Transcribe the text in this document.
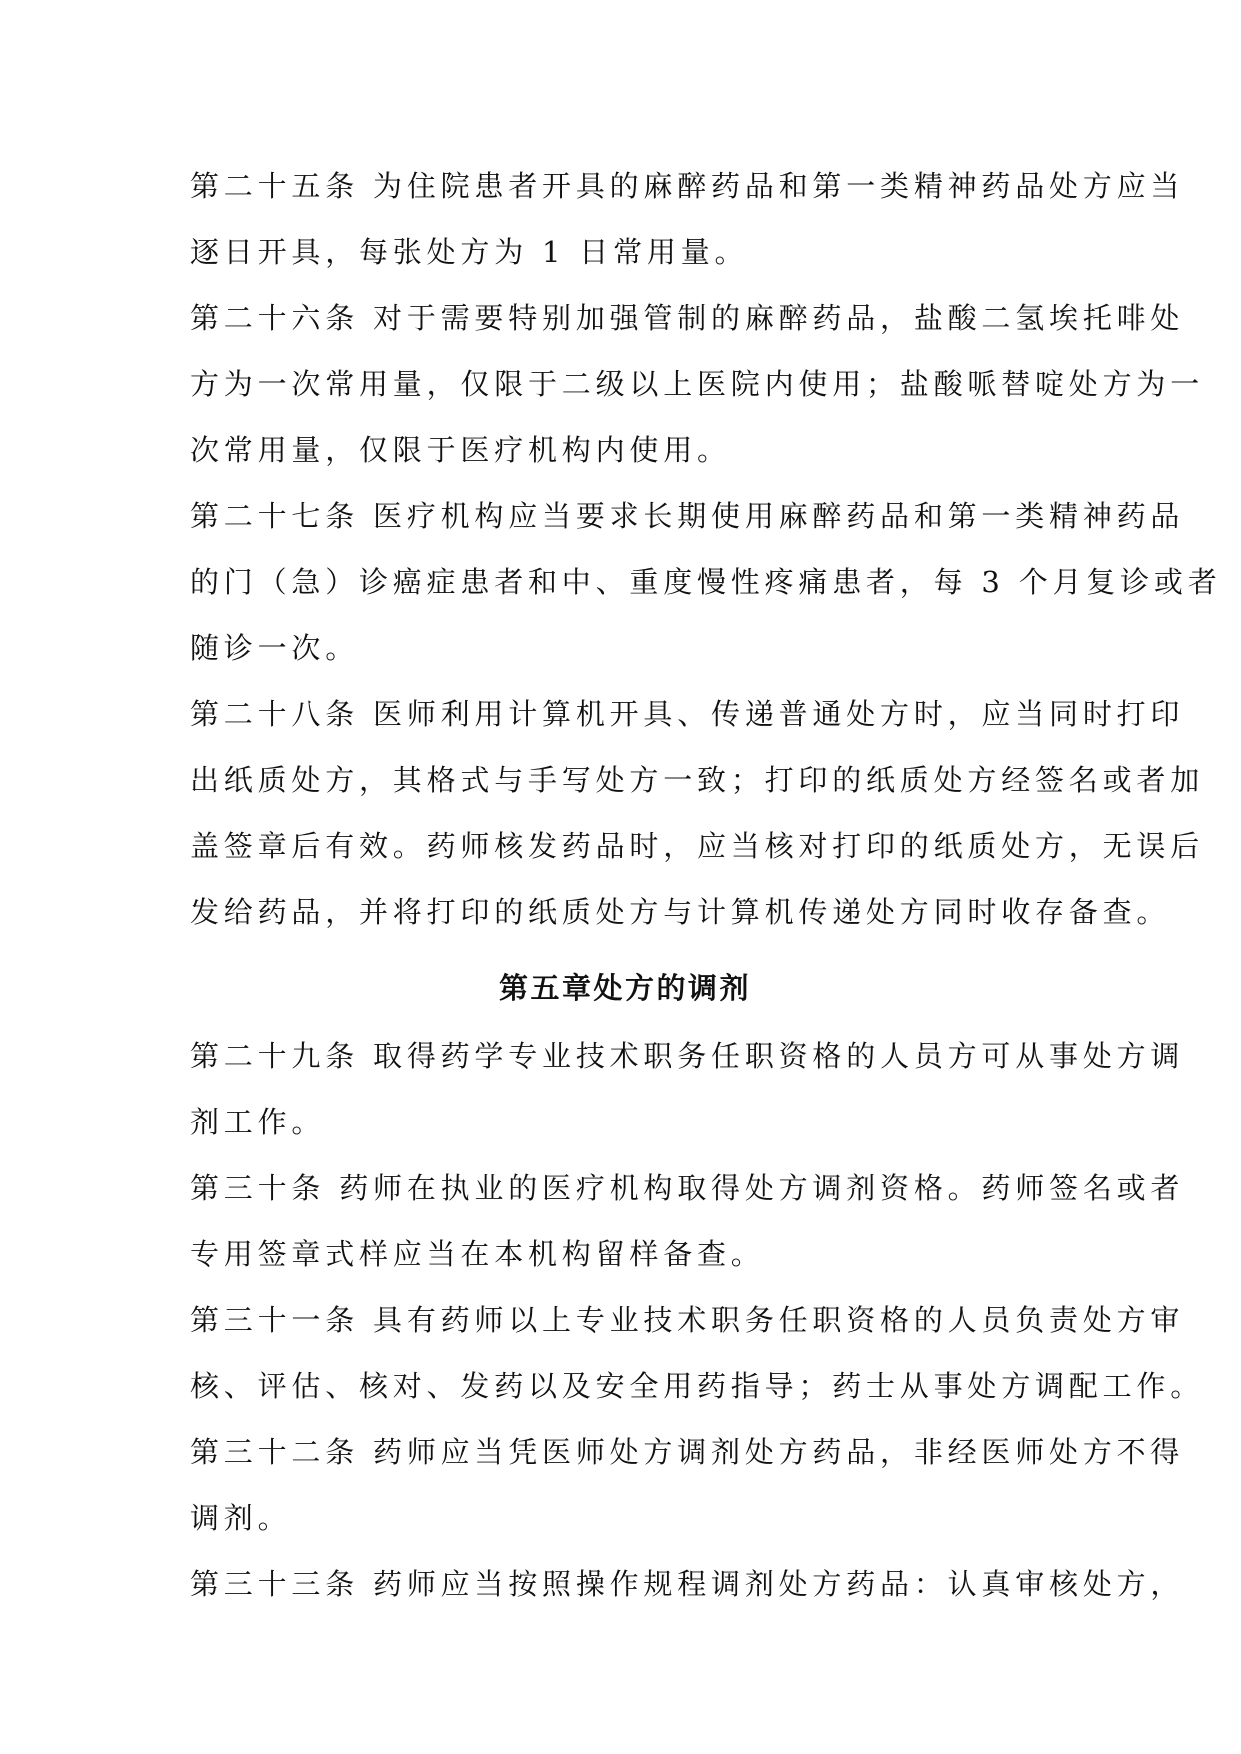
第二十五条 为住院患者开具的麻醉药品和第一类精神药品处方应当
逐日开具，每张处方为 1 日常用量。

第二十六条 对于需要特别加强管制的麻醉药品，盐酸二氢埃托啡处
方为一次常用量，仅限于二级以上医院内使用；盐酸哌替啶处方为一
次常用量，仅限于医疗机构内使用。

第二十七条 医疗机构应当要求长期使用麻醉药品和第一类精神药品
的门（急）诊癌症患者和中、重度慢性疼痛患者，每 3 个月复诊或者
随诊一次。

第二十八条 医师利用计算机开具、传递普通处方时，应当同时打印
出纸质处方，其格式与手写处方一致；打印的纸质处方经签名或者加
盖签章后有效。药师核发药品时，应当核对打印的纸质处方，无误后
发给药品，并将打印的纸质处方与计算机传递处方同时收存备查。

第五章处方的调剂

第二十九条 取得药学专业技术职务任职资格的人员方可从事处方调
剂工作。

第三十条 药师在执业的医疗机构取得处方调剂资格。药师签名或者
专用签章式样应当在本机构留样备查。

第三十一条 具有药师以上专业技术职务任职资格的人员负责处方审
核、评估、核对、发药以及安全用药指导；药士从事处方调配工作。

第三十二条 药师应当凭医师处方调剂处方药品，非经医师处方不得
调剂。

第三十三条 药师应当按照操作规程调剂处方药品：认真审核处方，
